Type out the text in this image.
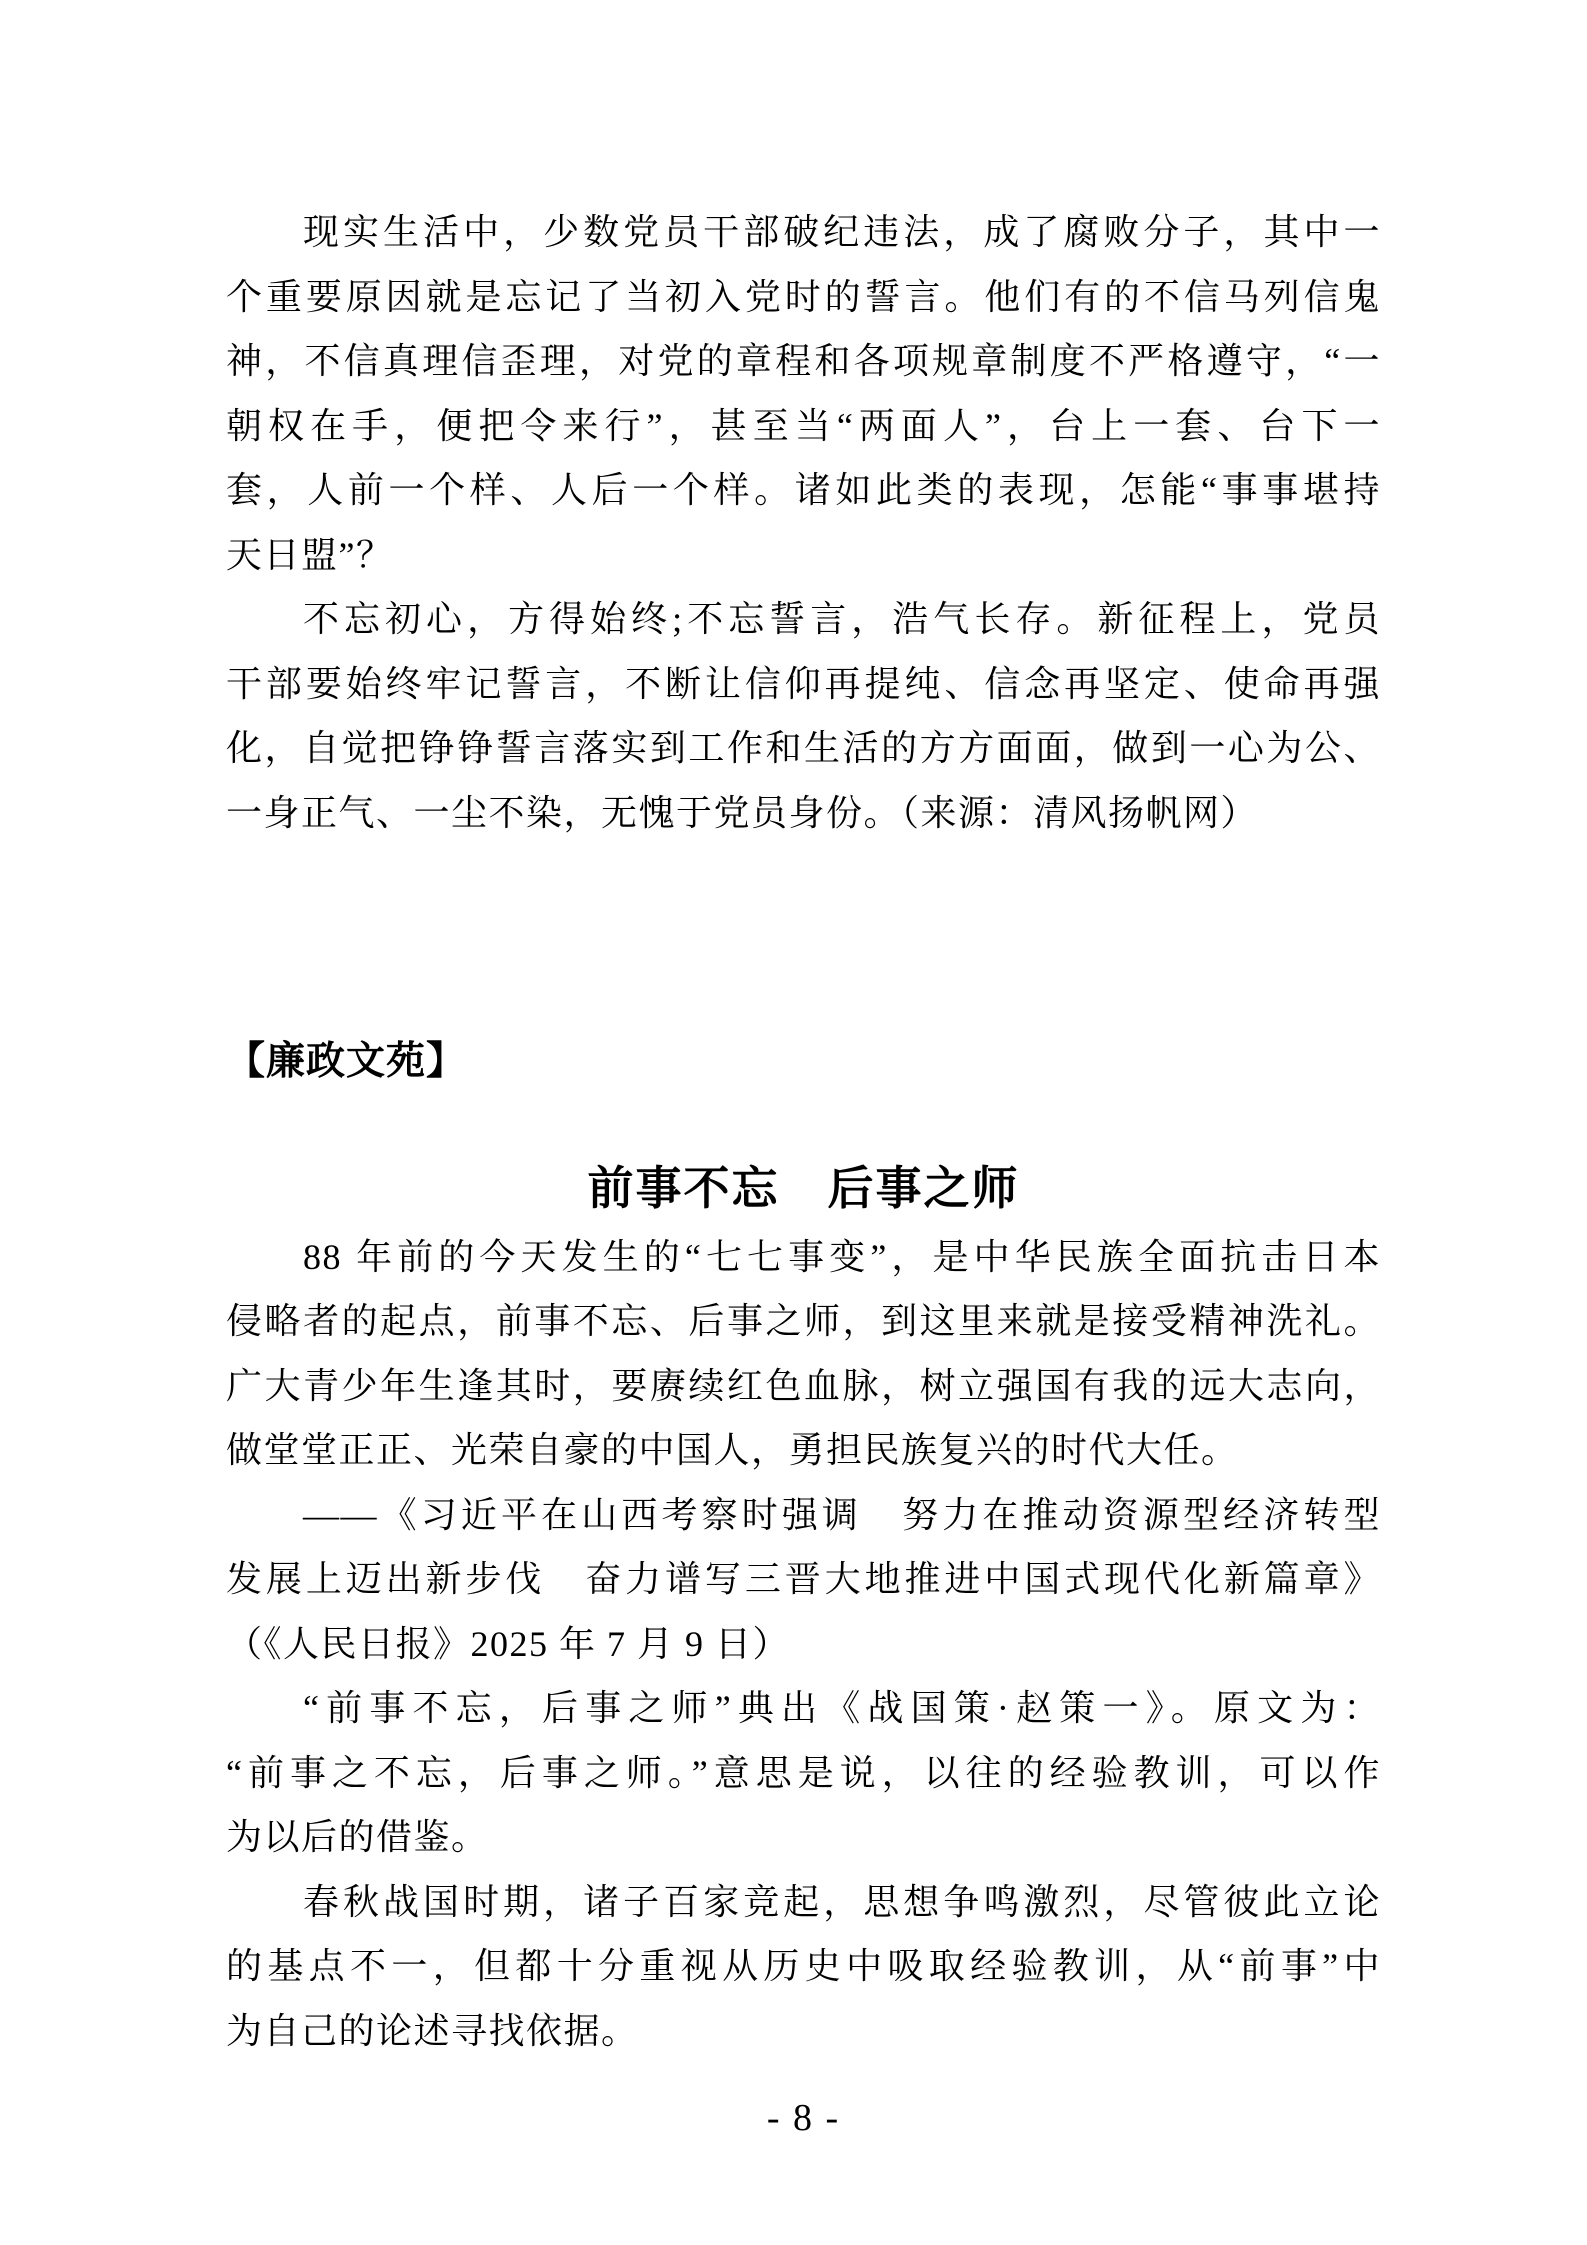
现实生活中，少数党员干部破纪违法，成了腐败分子，其中一
个重要原因就是忘记了当初入党时的誓言。他们有的不信马列信鬼
神，不信真理信歪理，对党的章程和各项规章制度不严格遵守，“一
朝权在手，便把令来行”，甚至当“两面人”，台上一套、台下一
套，人前一个样、人后一个样。诸如此类的表现，怎能“事事堪持
天日盟”？
不忘初心，方得始终;不忘誓言，浩气长存。新征程上，党员
干部要始终牢记誓言，不断让信仰再提纯、信念再坚定、使命再强
化，自觉把铮铮誓言落实到工作和生活的方方面面，做到一心为公、
一身正气、一尘不染，无愧于党员身份。（来源：清风扬帆网）
【廉政文苑】
前事不忘　后事之师
88 年前的今天发生的“七七事变”，是中华民族全面抗击日本
侵略者的起点，前事不忘、后事之师，到这里来就是接受精神洗礼。
广大青少年生逢其时，要赓续红色血脉，树立强国有我的远大志向，
做堂堂正正、光荣自豪的中国人，勇担民族复兴的时代大任。
——《习近平在山西考察时强调　努力在推动资源型经济转型
发展上迈出新步伐　奋力谱写三晋大地推进中国式现代化新篇章》
（《人民日报》2025 年 7 月 9 日）
“前事不忘，后事之师”典出《战国策·赵策一》。原文为：
“前事之不忘，后事之师。”意思是说，以往的经验教训，可以作
为以后的借鉴。
春秋战国时期，诸子百家竞起，思想争鸣激烈，尽管彼此立论
的基点不一，但都十分重视从历史中吸取经验教训，从“前事”中
为自己的论述寻找依据。
- 8 -
